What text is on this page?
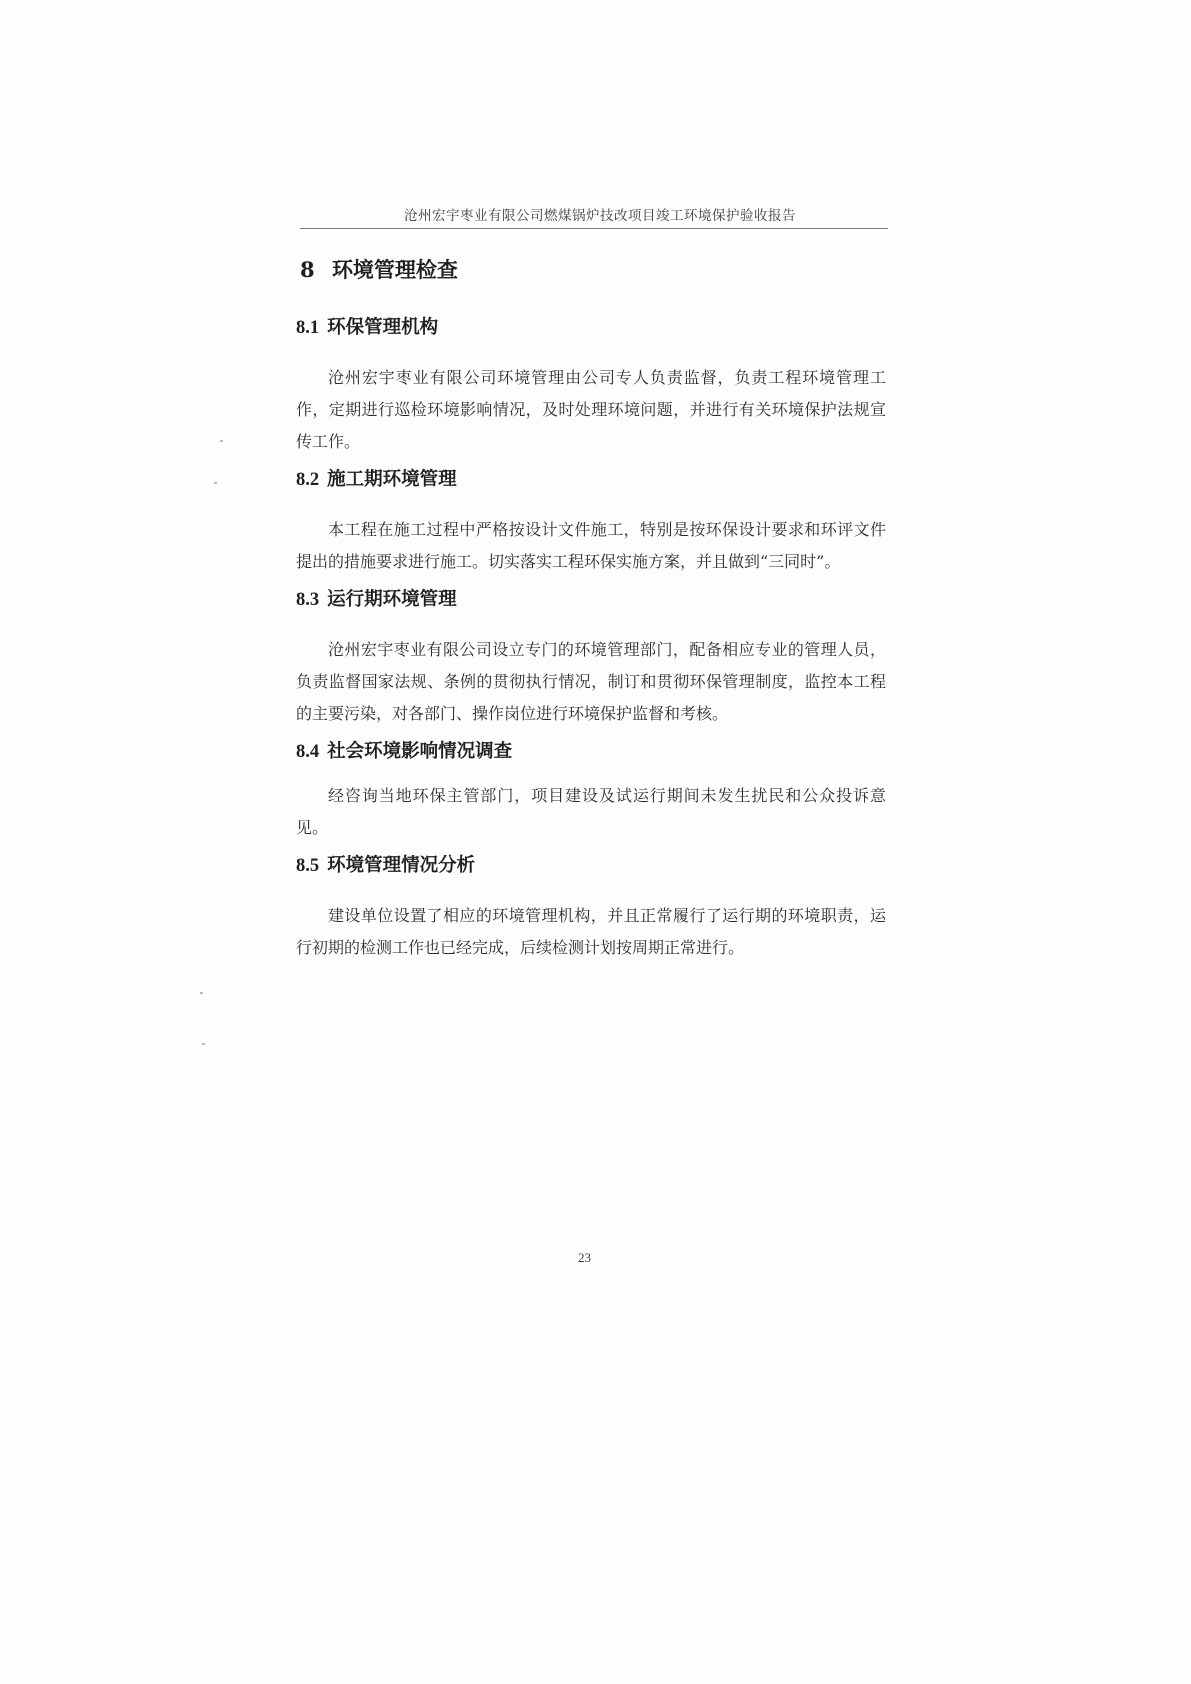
沧州宏宇枣业有限公司燃煤锅炉技改项目竣工环境保护验收报告
8 环境管理检查
8.1 环保管理机构

沧州宏宇枣业有限公司环境管理由公司专人负责监督，负责工程环境管理工作，定期进行巡检环境影响情况，及时处理环境问题，并进行有关环境保护法规宣传工作。

8.2 施工期环境管理

本工程在施工过程中严格按设计文件施工，特别是按环保设计要求和环评文件提出的措施要求进行施工。切实落实工程环保实施方案，并且做到“三同时”。

8.3 运行期环境管理

沧州宏宇枣业有限公司设立专门的环境管理部门，配备相应专业的管理人员，负责监督国家法规、条例的贯彻执行情况，制订和贯彻环保管理制度，监控本工程的主要污染，对各部门、操作岗位进行环境保护监督和考核。

8.4 社会环境影响情况调查

经咨询当地环保主管部门，项目建设及试运行期间未发生扰民和公众投诉意见。

8.5 环境管理情况分析

建设单位设置了相应的环境管理机构，并且正常履行了运行期的环境职责，运行初期的检测工作也已经完成，后续检测计划按周期正常进行。

23
